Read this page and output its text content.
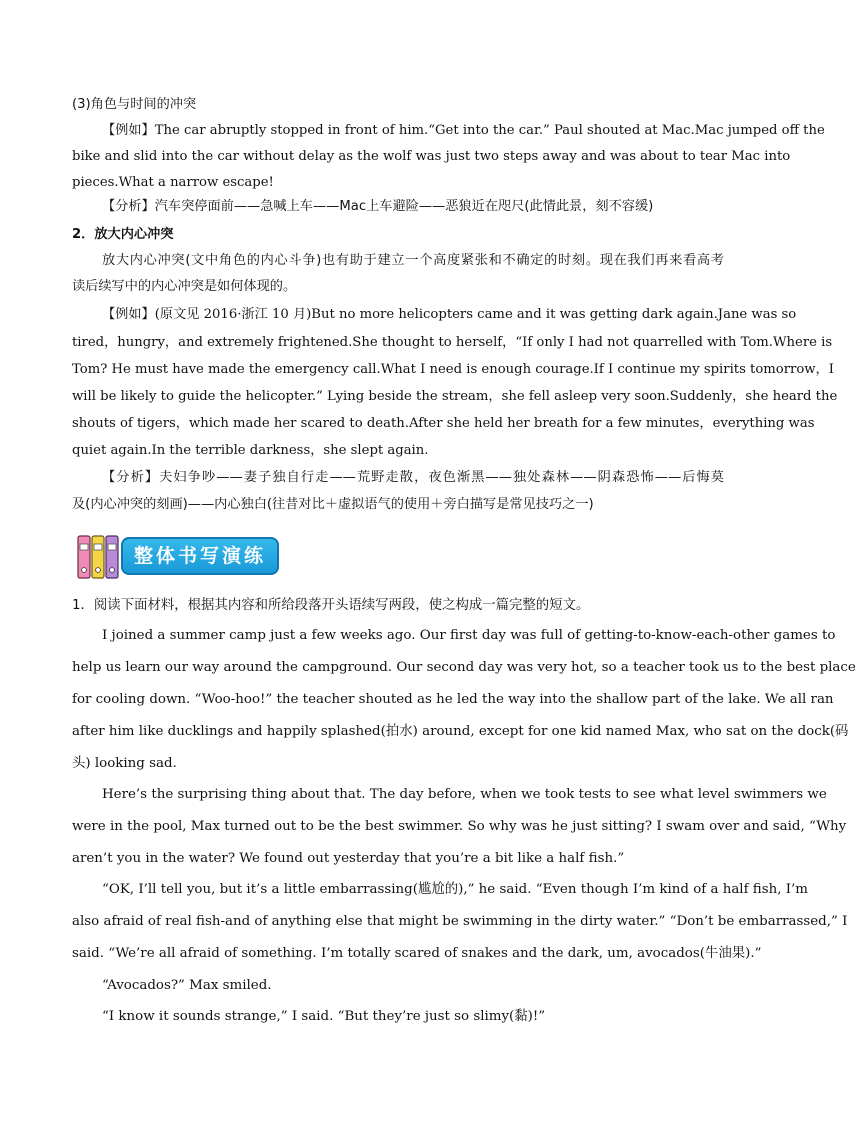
(3)角色与时间的冲突
【例如】The car abruptly stopped in front of him.“Get into the car.” Paul shouted at Mac.Mac jumped off the
bike and slid into the car without delay as the wolf was just two steps away and was about to tear Mac into
pieces.What a narrow escape!
【分析】汽车突停面前——急喊上车——Mac上车避险——恶狼近在咫尺(此情此景，刻不容缓)
2．放大内心冲突
放大内心冲突(文中角色的内心斗争)也有助于建立一个高度紧张和不确定的时刻。现在我们再来看高考
读后续写中的内心冲突是如何体现的。
【例如】(原文见 2016·浙江 10 月)But no more helicopters came and it was getting dark again.Jane was so
tired，hungry，and extremely frightened.She thought to herself，“If only I had not quarrelled with Tom.Where is
Tom? He must have made the emergency call.What I need is enough courage.If I continue my spirits tomorrow，I
will be likely to guide the helicopter.” Lying beside the stream，she fell asleep very soon.Suddenly，she heard the
shouts of tigers，which made her scared to death.After she held her breath for a few minutes，everything was
quiet again.In the terrible darkness，she slept again.
【分析】夫妇争吵——妻子独自行走——荒野走散，夜色渐黑——独处森林——阴森恐怖——后悔莫
及(内心冲突的刻画)——内心独白(往昔对比＋虚拟语气的使用＋旁白描写是常见技巧之一)
整体书写演练
1．阅读下面材料，根据其内容和所给段落开头语续写两段，使之构成一篇完整的短文。
I joined a summer camp just a few weeks ago. Our first day was full of getting-to-know-each-other games to
help us learn our way around the campground. Our second day was very hot, so a teacher took us to the best place
for cooling down. “Woo-hoo!” the teacher shouted as he led the way into the shallow part of the lake. We all ran
after him like ducklings and happily splashed(拍水) around, except for one kid named Max, who sat on the dock(码
头) looking sad.
Here’s the surprising thing about that. The day before, when we took tests to see what level swimmers we
were in the pool, Max turned out to be the best swimmer. So why was he just sitting? I swam over and said, “Why
aren’t you in the water? We found out yesterday that you’re a bit like a half fish.”
“OK, I’ll tell you, but it’s a little embarrassing(尴尬的),” he said. “Even though I’m kind of a half fish, I’m
also afraid of real fish-and of anything else that might be swimming in the dirty water.” “Don’t be embarrassed,” I
said. “We’re all afraid of something. I’m totally scared of snakes and the dark, um, avocados(牛油果).”
“Avocados?” Max smiled.
“I know it sounds strange,” I said. “But they’re just so slimy(黏)!”
